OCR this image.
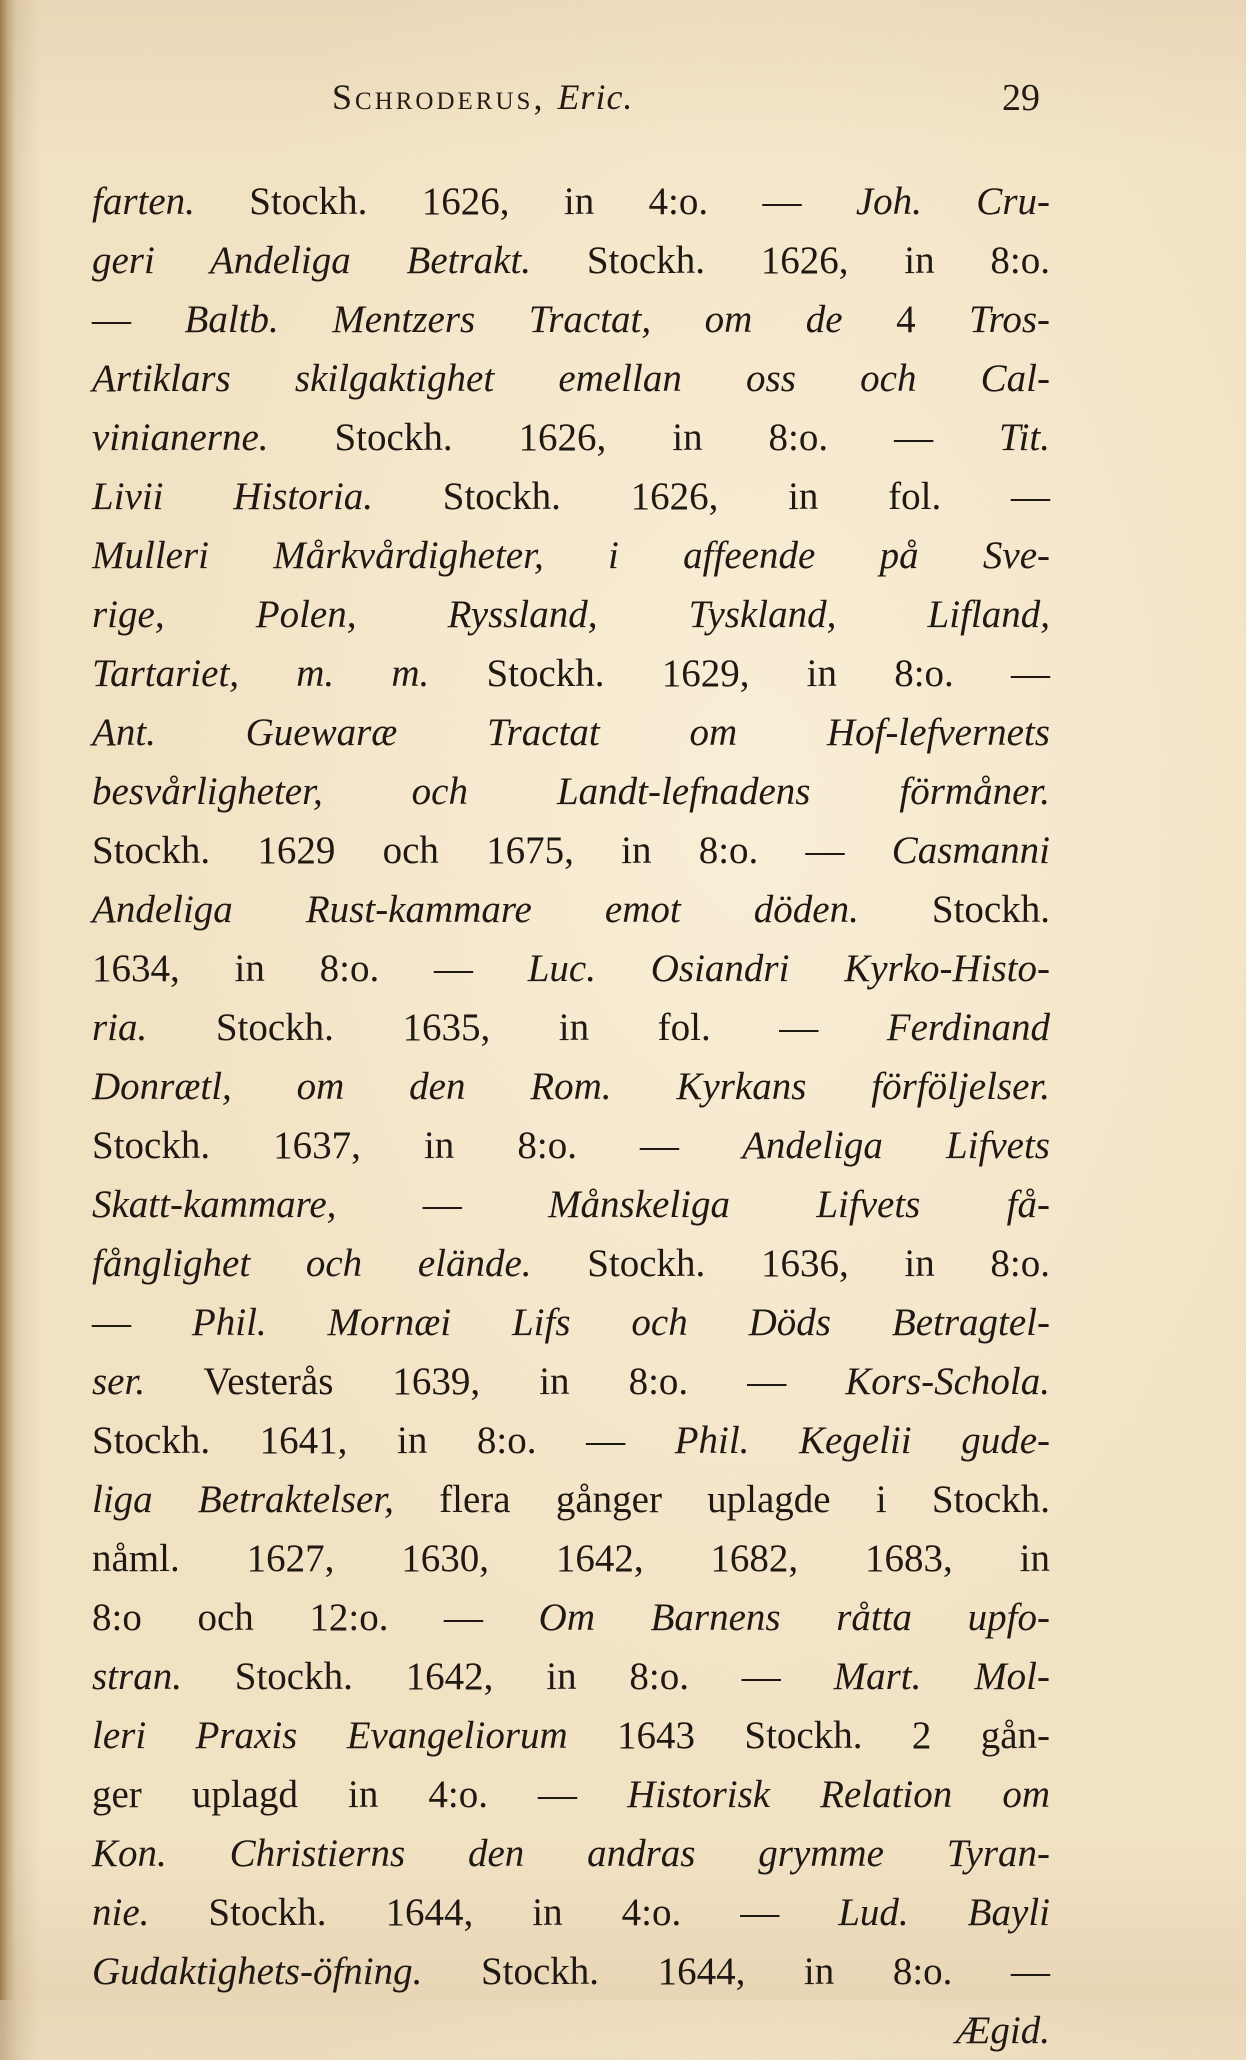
Schroderus, Eric.	29
farten. Stockh. 1626, in 4:o. — Joh. Cru-
geri Andeliga Betrakt. Stockh. 1626, in 8:o.
— Baltb. Mentzers Tractat, om de 4 Tros-
Artiklars skilgaktighet emellan oss och Cal-
vinianerne. Stockh. 1626, in 8:o. — Tit.
Livii Historia. Stockh. 1626, in fol. —
Mulleri Mårkvårdigheter, i affeende på Sve-
rige, Polen, Ryssland, Tyskland, Lifland,
Tartariet, m. m. Stockh. 1629, in 8:o. —
Ant. Guewaræ Tractat om Hof-lefvernets
besvårligheter, och Landt-lefnadens förmåner.
Stockh. 1629 och 1675, in 8:o. — Casmanni
Andeliga Rust-kammare emot döden. Stockh.
1634, in 8:o. — Luc. Osiandri Kyrko-Histo-
ria. Stockh. 1635, in fol. — Ferdinand
Donrætl, om den Rom. Kyrkans förföljelser.
Stockh. 1637, in 8:o. — Andeliga Lifvets
Skatt-kammare, — Månskeliga Lifvets få-
fånglighet och elände. Stockh. 1636, in 8:o.
— Phil. Mornæi Lifs och Döds Betragtel-
ser. Vesterås 1639, in 8:o. — Kors-Schola.
Stockh. 1641, in 8:o. — Phil. Kegelii gude-
liga Betraktelser, flera gånger uplagde i Stockh.
nåml. 1627, 1630, 1642, 1682, 1683, in
8:o och 12:o. — Om Barnens råtta upfo-
stran. Stockh. 1642, in 8:o. — Mart. Mol-
leri Praxis Evangeliorum 1643 Stockh. 2 gån-
ger uplagd in 4:o. — Historisk Relation om
Kon. Christierns den andras grymme Tyran-
nie. Stockh. 1644, in 4:o. — Lud. Bayli
Gudaktighets-öfning. Stockh. 1644, in 8:o. —
Ægid.
